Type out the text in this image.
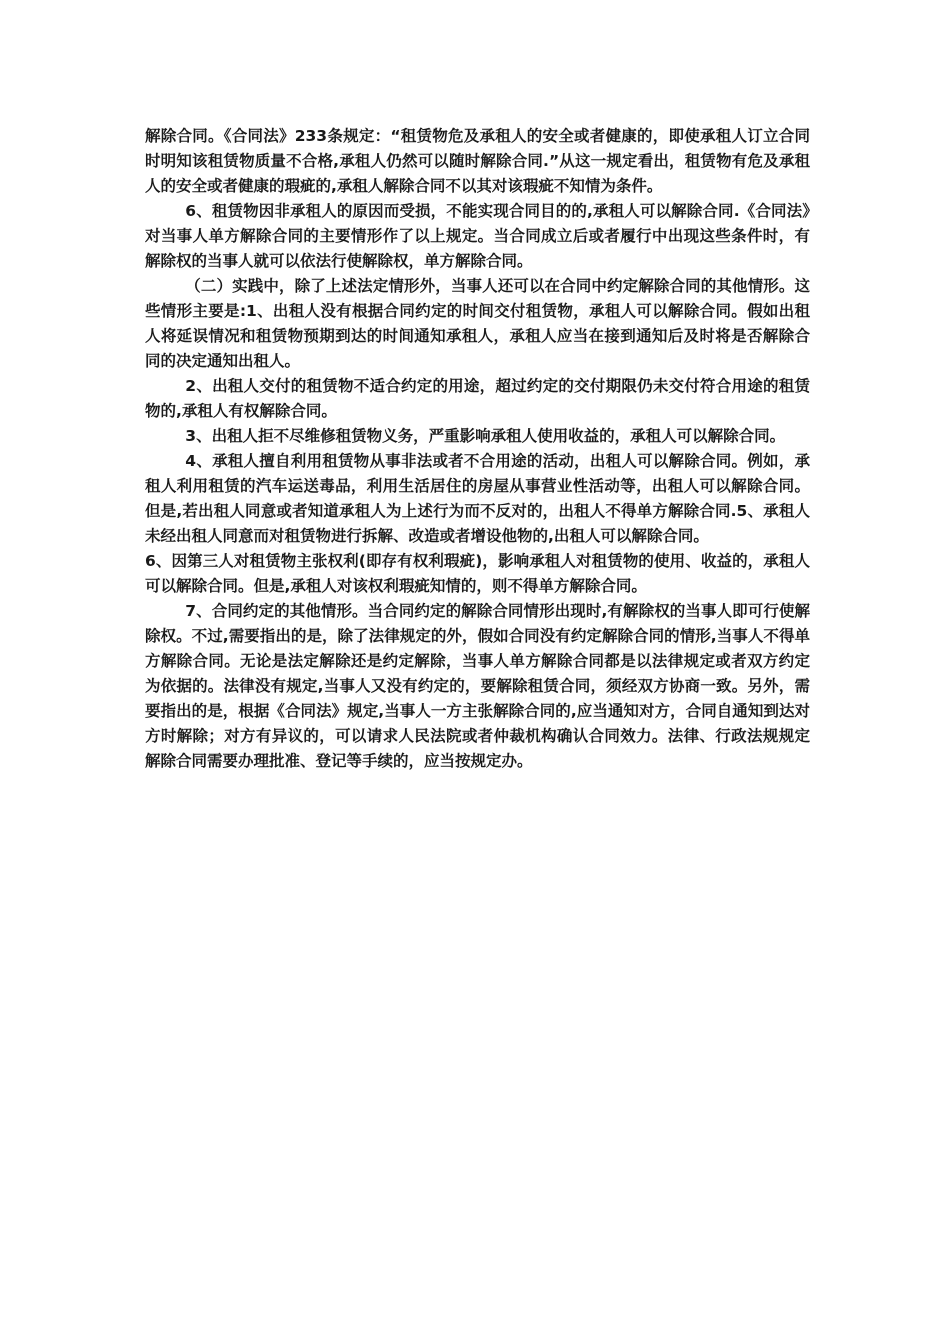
解除合同。《合同法》233条规定：“租赁物危及承租人的安全或者健康的，即使承租人订立合同时明知该租赁物质量不合格,承租人仍然可以随时解除合同.”从这一规定看出，租赁物有危及承租人的安全或者健康的瑕疵的,承租人解除合同不以其对该瑕疵不知情为条件。

6、租赁物因非承租人的原因而受损，不能实现合同目的的,承租人可以解除合同.《合同法》对当事人单方解除合同的主要情形作了以上规定。当合同成立后或者履行中出现这些条件时，有解除权的当事人就可以依法行使解除权，单方解除合同。

（二）实践中，除了上述法定情形外，当事人还可以在合同中约定解除合同的其他情形。这些情形主要是:1、出租人没有根据合同约定的时间交付租赁物，承租人可以解除合同。假如出租人将延误情况和租赁物预期到达的时间通知承租人，承租人应当在接到通知后及时将是否解除合同的决定通知出租人。

2、出租人交付的租赁物不适合约定的用途，超过约定的交付期限仍未交付符合用途的租赁物的,承租人有权解除合同。

3、出租人拒不尽维修租赁物义务，严重影响承租人使用收益的，承租人可以解除合同。

4、承租人擅自利用租赁物从事非法或者不合用途的活动，出租人可以解除合同。例如，承租人利用租赁的汽车运送毒品，利用生活居住的房屋从事营业性活动等，出租人可以解除合同。但是,若出租人同意或者知道承租人为上述行为而不反对的，出租人不得单方解除合同.5、承租人未经出租人同意而对租赁物进行拆解、改造或者增设他物的,出租人可以解除合同。

6、因第三人对租赁物主张权利(即存有权利瑕疵)，影响承租人对租赁物的使用、收益的，承租人可以解除合同。但是,承租人对该权利瑕疵知情的，则不得单方解除合同。

7、合同约定的其他情形。当合同约定的解除合同情形出现时,有解除权的当事人即可行使解除权。不过,需要指出的是，除了法律规定的外，假如合同没有约定解除合同的情形,当事人不得单方解除合同。无论是法定解除还是约定解除，当事人单方解除合同都是以法律规定或者双方约定为依据的。法律没有规定,当事人又没有约定的，要解除租赁合同，须经双方协商一致。另外，需要指出的是，根据《合同法》规定,当事人一方主张解除合同的,应当通知对方，合同自通知到达对方时解除；对方有异议的，可以请求人民法院或者仲裁机构确认合同效力。法律、行政法规规定解除合同需要办理批准、登记等手续的，应当按规定办。
